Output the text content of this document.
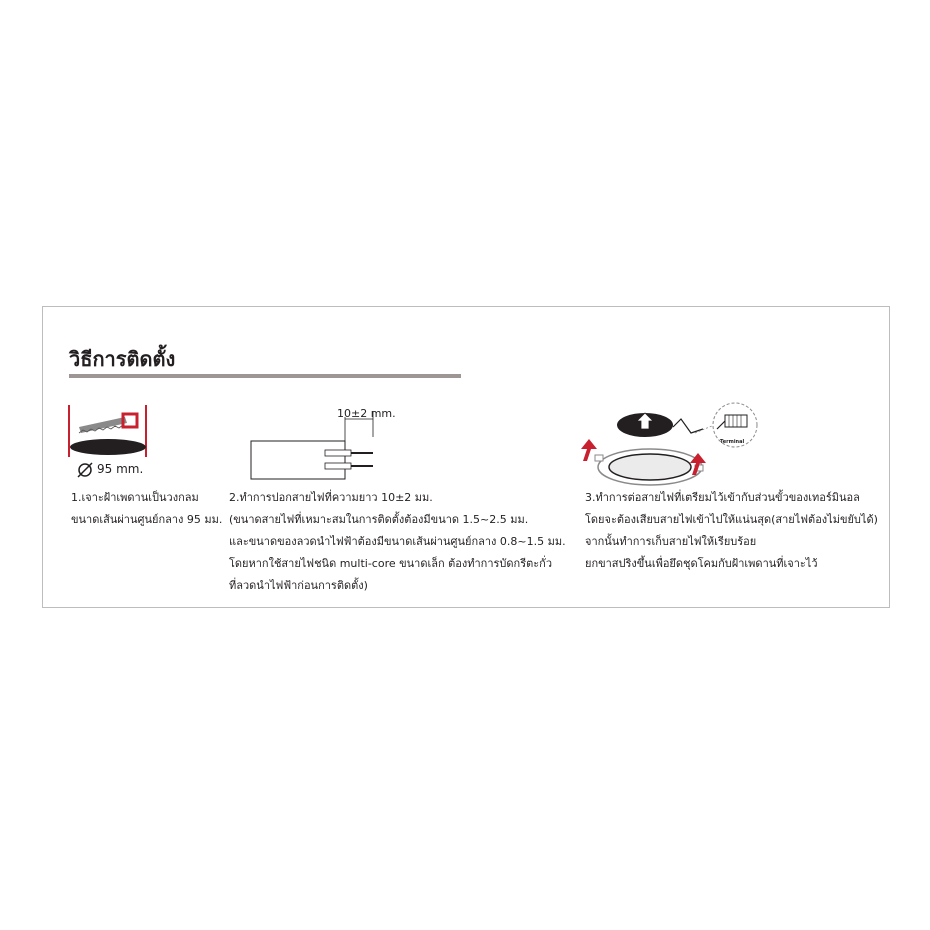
วิธีการติดตั้ง
95 mm.
1.เจาะฝ้าเพดานเป็นวงกลม
ขนาดเส้นผ่านศูนย์กลาง 95 มม.
10±2 mm.
2.ทำการปอกสายไฟที่ความยาว 10±2 มม.
(ขนาดสายไฟที่เหมาะสมในการติดตั้งต้องมีขนาด 1.5~2.5 มม.
และขนาดของลวดนำไฟฟ้าต้องมีขนาดเส้นผ่านศูนย์กลาง 0.8~1.5 มม.
โดยหากใช้สายไฟชนิด multi-core ขนาดเล็ก ต้องทำการบัดกรีตะกั่ว
ที่ลวดนำไฟฟ้าก่อนการติดตั้ง)
Terminal
3.ทำการต่อสายไฟที่เตรียมไว้เข้ากับส่วนขั้วของเทอร์มินอล
โดยจะต้องเสียบสายไฟเข้าไปให้แน่นสุด(สายไฟต้องไม่ขยับได้)
จากนั้นทำการเก็บสายไฟให้เรียบร้อย
ยกขาสปริงขึ้นเพื่อยึดชุดโคมกับฝ้าเพดานที่เจาะไว้
